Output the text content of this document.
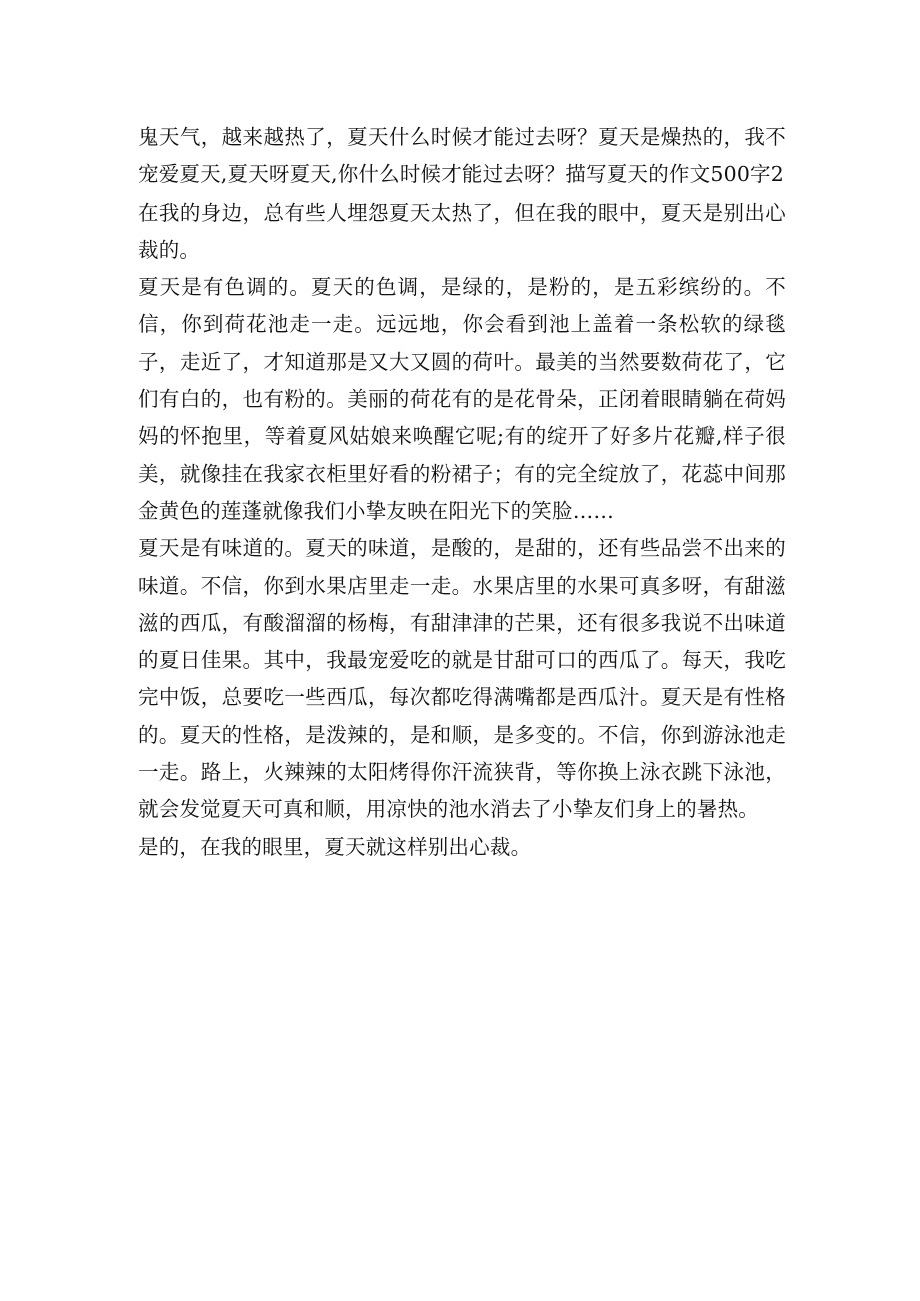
鬼天气，越来越热了，夏天什么时候才能过去呀？夏天是燥热的，我不宠爱夏天,夏天呀夏天,你什么时候才能过去呀？描写夏天的作文500字2

在我的身边，总有些人埋怨夏天太热了，但在我的眼中，夏天是别出心裁的。

夏天是有色调的。夏天的色调，是绿的，是粉的，是五彩缤纷的。不信，你到荷花池走一走。远远地，你会看到池上盖着一条松软的绿毯子，走近了，才知道那是又大又圆的荷叶。最美的当然要数荷花了，它们有白的，也有粉的。美丽的荷花有的是花骨朵，正闭着眼睛躺在荷妈妈的怀抱里，等着夏风姑娘来唤醒它呢;有的绽开了好多片花瓣,样子很美，就像挂在我家衣柜里好看的粉裙子；有的完全绽放了，花蕊中间那金黄色的莲蓬就像我们小挚友映在阳光下的笑脸……

夏天是有味道的。夏天的味道，是酸的，是甜的，还有些品尝不出来的味道。不信，你到水果店里走一走。水果店里的水果可真多呀，有甜滋滋的西瓜，有酸溜溜的杨梅，有甜津津的芒果，还有很多我说不出味道的夏日佳果。其中，我最宠爱吃的就是甘甜可口的西瓜了。每天，我吃完中饭，总要吃一些西瓜，每次都吃得满嘴都是西瓜汁。夏天是有性格的。夏天的性格，是泼辣的，是和顺，是多变的。不信，你到游泳池走一走。路上，火辣辣的太阳烤得你汗流狭背，等你换上泳衣跳下泳池，就会发觉夏天可真和顺，用凉快的池水消去了小挚友们身上的暑热。

是的，在我的眼里，夏天就这样别出心裁。
